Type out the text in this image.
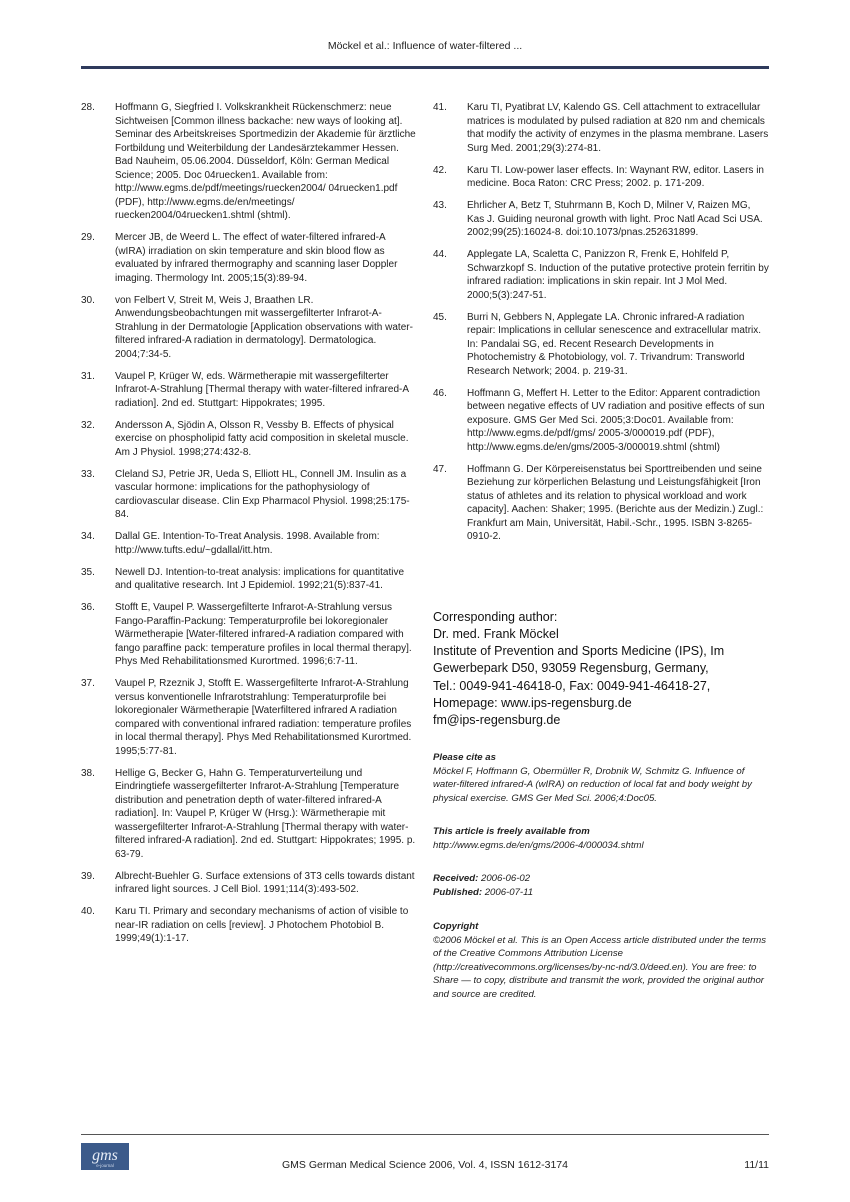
Möckel et al.: Influence of water-filtered ...
28.	Hoffmann G, Siegfried I. Volkskrankheit Rückenschmerz: neue Sichtweisen [Common illness backache: new ways of looking at]. Seminar des Arbeitskreises Sportmedizin der Akademie für ärztliche Fortbildung und Weiterbildung der Landesärztekammer Hessen. Bad Nauheim, 05.06.2004. Düsseldorf, Köln: German Medical Science; 2005. Doc 04ruecken1. Available from: http://www.egms.de/pdf/meetings/ruecken2004/ 04ruecken1.pdf (PDF), http://www.egms.de/en/meetings/ ruecken2004/04ruecken1.shtml (shtml).
29.	Mercer JB, de Weerd L. The effect of water-filtered infrared-A (wIRA) irradiation on skin temperature and skin blood flow as evaluated by infrared thermography and scanning laser Doppler imaging. Thermology Int. 2005;15(3):89-94.
30.	von Felbert V, Streit M, Weis J, Braathen LR. Anwendungsbeobachtungen mit wassergefilterter Infrarot-A-Strahlung in der Dermatologie [Application observations with water-filtered infrared-A radiation in dermatology]. Dermatologica. 2004;7:34-5.
31.	Vaupel P, Krüger W, eds. Wärmetherapie mit wassergefilterter Infrarot-A-Strahlung [Thermal therapy with water-filtered infrared-A radiation]. 2nd ed. Stuttgart: Hippokrates; 1995.
32.	Andersson A, Sjödin A, Olsson R, Vessby B. Effects of physical exercise on phospholipid fatty acid composition in skeletal muscle. Am J Physiol. 1998;274:432-8.
33.	Cleland SJ, Petrie JR, Ueda S, Elliott HL, Connell JM. Insulin as a vascular hormone: implications for the pathophysiology of cardiovascular disease. Clin Exp Pharmacol Physiol. 1998;25:175-84.
34.	Dallal GE. Intention-To-Treat Analysis. 1998. Available from: http://www.tufts.edu/~gdallal/itt.htm.
35.	Newell DJ. Intention-to-treat analysis: implications for quantitative and qualitative research. Int J Epidemiol. 1992;21(5):837-41.
36.	Stofft E, Vaupel P. Wassergefilterte Infrarot-A-Strahlung versus Fango-Paraffin-Packung: Temperaturprofile bei lokoregionaler Wärmetherapie [Water-filtered infrared-A radiation compared with fango paraffine pack: temperature profiles in local thermal therapy]. Phys Med Rehabilitationsmed Kurortmed. 1996;6:7-11.
37.	Vaupel P, Rzeznik J, Stofft E. Wassergefilterte Infrarot-A-Strahlung versus konventionelle Infrarotstrahlung: Temperaturprofile bei lokoregionaler Wärmetherapie [Waterfiltered infrared A radiation compared with conventional infrared radiation: temperature profiles in local thermal therapy]. Phys Med Rehabilitationsmed Kurortmed. 1995;5:77-81.
38.	Hellige G, Becker G, Hahn G. Temperaturverteilung und Eindringtiefe wassergefilterter Infrarot-A-Strahlung [Temperature distribution and penetration depth of water-filtered infrared-A radiation]. In: Vaupel P, Krüger W (Hrsg.): Wärmetherapie mit wassergefilterter Infrarot-A-Strahlung [Thermal therapy with water-filtered infrared-A radiation]. 2nd ed. Stuttgart: Hippokrates; 1995. p. 63-79.
39.	Albrecht-Buehler G. Surface extensions of 3T3 cells towards distant infrared light sources. J Cell Biol. 1991;114(3):493-502.
40.	Karu TI. Primary and secondary mechanisms of action of visible to near-IR radiation on cells [review]. J Photochem Photobiol B. 1999;49(1):1-17.
41.	Karu TI, Pyatibrat LV, Kalendo GS. Cell attachment to extracellular matrices is modulated by pulsed radiation at 820 nm and chemicals that modify the activity of enzymes in the plasma membrane. Lasers Surg Med. 2001;29(3):274-81.
42.	Karu TI. Low-power laser effects. In: Waynant RW, editor. Lasers in medicine. Boca Raton: CRC Press; 2002. p. 171-209.
43.	Ehrlicher A, Betz T, Stuhrmann B, Koch D, Milner V, Raizen MG, Kas J. Guiding neuronal growth with light. Proc Natl Acad Sci USA. 2002;99(25):16024-8. doi:10.1073/pnas.252631899.
44.	Applegate LA, Scaletta C, Panizzon R, Frenk E, Hohlfeld P, Schwarzkopf S. Induction of the putative protective protein ferritin by infrared radiation: implications in skin repair. Int J Mol Med. 2000;5(3):247-51.
45.	Burri N, Gebbers N, Applegate LA. Chronic infrared-A radiation repair: Implications in cellular senescence and extracellular matrix. In: Pandalai SG, ed. Recent Research Developments in Photochemistry & Photobiology, vol. 7. Trivandrum: Transworld Research Network; 2004. p. 219-31.
46.	Hoffmann G, Meffert H. Letter to the Editor: Apparent contradiction between negative effects of UV radiation and positive effects of sun exposure. GMS Ger Med Sci. 2005;3:Doc01. Available from: http://www.egms.de/pdf/gms/ 2005-3/000019.pdf (PDF), http://www.egms.de/en/gms/2005-3/000019.shtml (shtml)
47.	Hoffmann G. Der Körpereisenstatus bei Sporttreibenden und seine Beziehung zur körperlichen Belastung und Leistungsfähigkeit [Iron status of athletes and its relation to physical workload and work capacity]. Aachen: Shaker; 1995. (Berichte aus der Medizin.) Zugl.: Frankfurt am Main, Universität, Habil.-Schr., 1995. ISBN 3-8265-0910-2.
Corresponding author:
Dr. med. Frank Möckel
Institute of Prevention and Sports Medicine (IPS), Im
Gewerbepark D50, 93059 Regensburg, Germany,
Tel.: 0049-941-46418-0, Fax: 0049-941-46418-27,
Homepage: www.ips-regensburg.de
fm@ips-regensburg.de
Please cite as
Möckel F, Hoffmann G, Obermüller R, Drobnik W, Schmitz G. Influence of water-filtered infrared-A (wIRA) on reduction of local fat and body weight by physical exercise. GMS Ger Med Sci. 2006;4:Doc05.
This article is freely available from
http://www.egms.de/en/gms/2006-4/000034.shtml
Received: 2006-06-02
Published: 2006-07-11
Copyright
©2006 Möckel et al. This is an Open Access article distributed under the terms of the Creative Commons Attribution License (http://creativecommons.org/licenses/by-nc-nd/3.0/deed.en). You are free: to Share — to copy, distribute and transmit the work, provided the original author and source are credited.
gms
e-journal	GMS German Medical Science 2006, Vol. 4, ISSN 1612-3174	11/11
